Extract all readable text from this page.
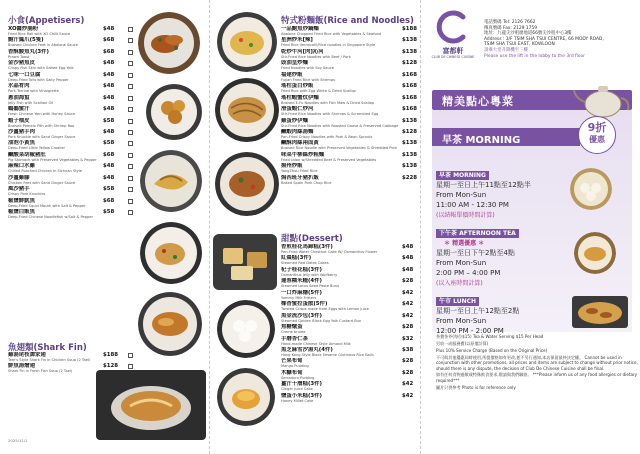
小食(Appetisers)
XO醬炒腸粉
Fried Rice Roll with XO Chilli Sauce
$48
鮑汁鳳爪(5隻)
Braised Chicken Feet in Abalone Sauce
$68
香酥鯪魚丸(3件)
Prawn Toast
$68
金沙豬魚皮
Crispy Fish Skin with Salted Egg Yolk
$48
七味一口豆腐
Deep-Fried Tofu with Salty Pepper
$48
水晶肴肉
Pork Terrine with Vinaigrette
$48
蔥油海蜇
Jelly Fish with Scallion Oil
$48
鶴鵝蜜汁
Fresh Chinese Yam with Honey Sauce
$48
蝦子柚皮
Braised Pomelo Pith with Shrimp Roe
$58
沙薑豬手肉
Pork Knuckle with Sand Ginger Sauce
$48
油泡小黃魚
Deep-Fried Little Yellow Croaker
$58
鹹酸菜胡椒豬肚
Pig Stomach with Preserved Vegetables & Pepper
$68
麻辣口水雞
Chilled Poached Chicken in Sichuan Style
$48
沙薑雞腳
Chicken Feet with Sand Ginger Sauce
$48
風沙豬手
Crispy Pork Knuckles
$58
椒鹽鮮魷魚
Deep-Fried Squid Mouth with Salt & Pepper
$68
椒鹽白飯魚
Deep-Fried Chinese Noodlefish w/Salt & Pepper
$58
魚翅類(Shark Fin)
雞湯尾枝譚家翅
Tam's Style Shark Fin in Chicken Soup (2 Tael)
$188
鮮魚湯燴翅
Shark Fin in Fresh Fish Soup (2 Tael)
$128
2025/11/1
特式粉麵飯(Rice and Noodles)
一品鮑魚炒鍋麵
Abalone Chopped Fried Rice with Vegetables & Seafood
$188
星洲炒米[辣]
Fried Rice Vermicelli/Rice noodles in Singapore Style
$138
乾炒牛河[肉]沁河
Stir-Fried Rice Noodles with Beef / Pork
$138
豉油皇炒麵
Fried Noodles with Soy Sauce
$128
福建炒飯
Fujian Fried Rice with Shrimps
$168
瑤柱蛋白炒飯
Fried Rice with Egg White & Dried Scallop
$168
瑤柱蝦蟹炆伊麵
Braised E-Fu Noodles with Fish Maw & Dried Scallop
$168
滑蛋蝦仁炒河
Stir-Fried Rice Noodles with Shrimps & Scrambled Egg
$168
雞蛋炒伊麵
Stir-Fried Rice Noodles with Roasted Goose & Preserved Cabbage
$138
鹹蝦肉絲湯麵
Pan-Fried Crispy Noodles with Pork & Bean Sprouts
$128
鹹酥肉絲兩面黃
Braised Rice Noodle with Preserved Vegetables & Shredded Pork
$138
味菜牛柳絲炒粗麵
Fried Udon w/Shredded Beef & Preserved Vegetables
$138
揚州炒飯
YangZhou Fried Rice
$138
焗西班牙豬扒飯
Baked Spain Pork Chop Rice
$228
甜點(Dessert)
香煎桂花馬蹄糕(3件)
Pan-Fried Water Chestnut Cake W/ Osmanthus Flower
$48
紅棗糕(3件)
Steamed Red Dates Cakes
$48
杞子桂花糕(3件)
Osmanthus Jelly with Wolfberry
$48
蓮蓉糯米糍(4件)
Steamed Lotus Seed Paste Buns
$28
一口炸麻糬(5件)
Yummy Milk Fritters
$42
椰香蜜拉蛋散(5件)
Twisted Crisps made from Eggs with Lemon Juice
$42
黑金流沙包(3件)
Steamed Golden Black Egg Yolk Custard Bun
$42
焦糖燉蛋
Creme brulee
$28
手磨杏仁茶
Hand-made Chinese Style Almond Milk
$32
黑芝麻雪汐湯丸(4件)
Hong Kong Style Black Sesame Glutinous Rice Balls
$38
芒果布甸
Mango Pudding
$28
木糠布甸
Serradura Pudding
$28
薑汁千層糕(3件)
Ginger Juice Cake
$42
鹽蛋小米糕(3件)
Honey Millet Cake
$42
富都軒
CLUB DE CHINESE CUISINE
電話號碼 Tel: 2126 7662
傳真號碼 Fax: 2129 1759
地址：九龍尖沙咀麼地道66號尖沙咀中心3樓
Address : 3/F TSIM SHA TSUI CENTRE, 66 MODY ROAD,
TSIM SHA TSUI EAST, KOWLOON
請乘大堂升降機至三樓
Please use the lift in the lobby to the 3rd floor
精美點心粵菜
早茶 MORNING
9折
優惠
早茶 MORNING
星期一至日上午11點至12點半
From Mon-Sun
11:00 AM - 12:30 PM
(以結帳單價時間計算)
下午茶 AFTERNOON TEA
＊ 精選優惠 ＊
星期一至日下午2點至4點
From Mon-Sun
2:00 PM – 4:00 PM
(以入座時間計算)
午市 LUNCH
星期一至日上午12點至2點
From Mon-Sun
12:00 PM - 2:00 PM

茶費茶芥(每位$15) Tea & Water Serving $15 Per Head

另收一成服務費(以原價計算)

Plus 10% Service Charge (Based on the Original Price)

不可與其他優惠同時使用,所提價格如有更改,恕不另行通知,本店保留最終決定權。 Cannot be used in conjunction with other promotions, all prices and items are subject to change without prior notice, should there is any dispute, the decision of Club De Chinese Cuisine shall be final.

如有任何食物過敏或特殊飲食要求,敬請與我們聯絡。 ***Please inform us of any food allergies or dietary required***

圖片只供參考 Photo is for reference only
